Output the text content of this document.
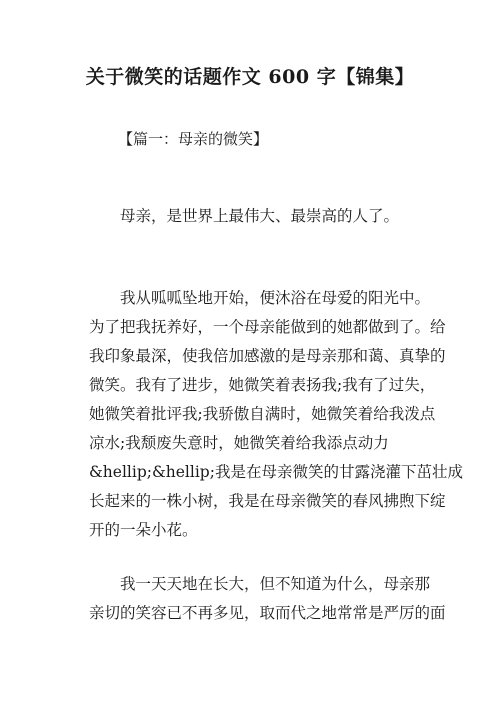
关于微笑的话题作文 600 字【锦集】
【篇一：母亲的微笑】

　　母亲，是世界上最伟大、最崇高的人了。

　　我从呱呱坠地开始，便沐浴在母爱的阳光中。
为了把我抚养好，一个母亲能做到的她都做到了。给
我印象最深，使我倍加感激的是母亲那和蔼、真挚的
微笑。我有了进步，她微笑着表扬我;我有了过失，
她微笑着批评我;我骄傲自满时，她微笑着给我泼点
凉水;我颓废失意时，她微笑着给我添点动力
&hellip;&hellip;我是在母亲微笑的甘露浇灌下茁壮成
长起来的一株小树，我是在母亲微笑的春风拂煦下绽
开的一朵小花。

　　我一天天地在长大，但不知道为什么，母亲那
亲切的笑容已不再多见，取而代之地常常是严厉的面
